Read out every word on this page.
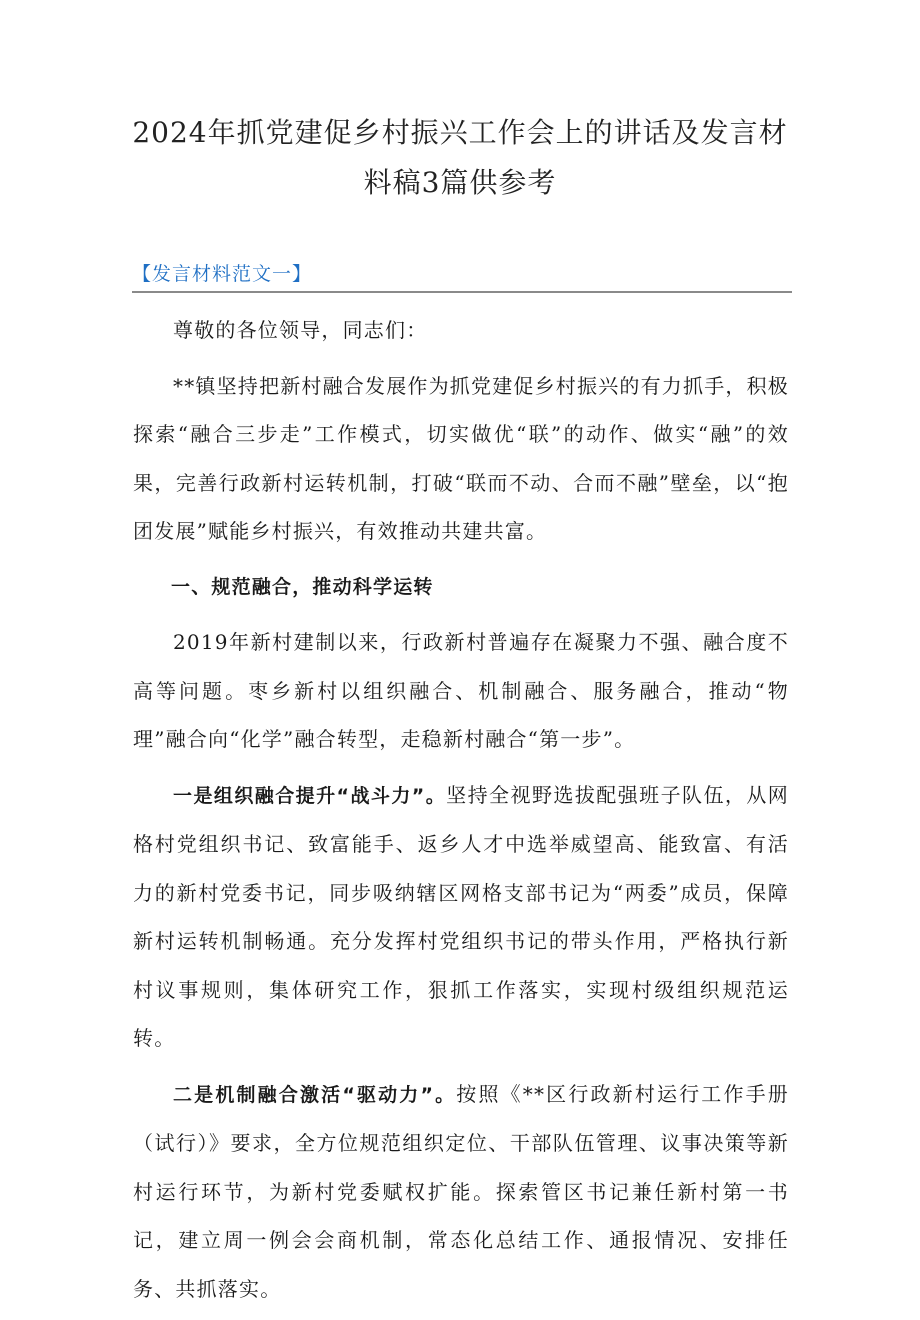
2024年抓党建促乡村振兴工作会上的讲话及发言材
料稿3篇供参考
【发言材料范文一】

尊敬的各位领导，同志们：

**镇坚持把新村融合发展作为抓党建促乡村振兴的有力抓手，积极探索“融合三步走”工作模式，切实做优“联”的动作、做实“融”的效果，完善行政新村运转机制，打破“联而不动、合而不融”壁垒，以“抱团发展”赋能乡村振兴，有效推动共建共富。

一、规范融合，推动科学运转

2019年新村建制以来，行政新村普遍存在凝聚力不强、融合度不高等问题。枣乡新村以组织融合、机制融合、服务融合，推动“物理”融合向“化学”融合转型，走稳新村融合“第一步”。

一是组织融合提升“战斗力”。坚持全视野选拔配强班子队伍，从网格村党组织书记、致富能手、返乡人才中选举威望高、能致富、有活力的新村党委书记，同步吸纳辖区网格支部书记为“两委”成员，保障新村运转机制畅通。充分发挥村党组织书记的带头作用，严格执行新村议事规则，集体研究工作，狠抓工作落实，实现村级组织规范运转。

二是机制融合激活“驱动力”。按照《**区行政新村运行工作手册（试行）》要求，全方位规范组织定位、干部队伍管理、议事决策等新村运行环节，为新村党委赋权扩能。探索管区书记兼任新村第一书记，建立周一例会会商机制，常态化总结工作、通报情况、安排任务、共抓落实。
